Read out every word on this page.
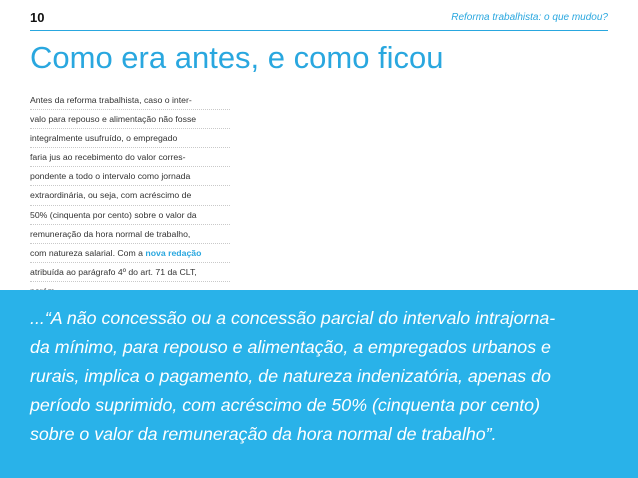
10	Reforma trabalhista: o que mudou?
Como era antes, e como ficou
Antes da reforma trabalhista, caso o inter-
valo para repouso e alimentação não fosse
integralmente usufruído, o empregado
faria jus ao recebimento do valor corres-
pondente a todo o intervalo como jornada
extraordinária, ou seja, com acréscimo de
50% (cinquenta por cento) sobre o valor da
remuneração da hora normal de trabalho,
com natureza salarial. Com a nova redação
atribuída ao parágrafo 4º do art. 71 da CLT,
...“A não concessão ou a concessão parcial do intervalo intrajorna-
da mínimo, para repouso e alimentação, a empregados urbanos e
rurais, implica o pagamento, de natureza indenizatória, apenas do
período suprimido, com acréscimo de 50% (cinquenta por cento)
sobre o valor da remuneração da hora normal de trabalho”.
